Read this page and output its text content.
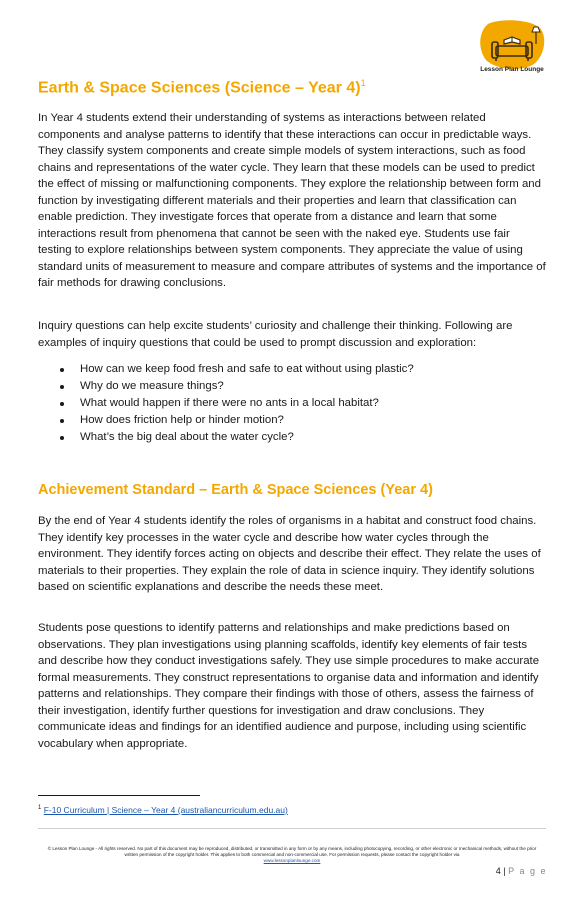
Lesson Plan Lounge
Earth & Space Sciences (Science – Year 4)$^1$

In Year 4 students extend their understanding of systems as interactions between related components and analyse patterns to identify that these interactions can occur in predictable ways. They classify system components and create simple models of system interactions, such as food chains and representations of the water cycle. They learn that these models can be used to predict the effect of missing or malfunctioning components. They explore the relationship between form and function by investigating different materials and their properties and learn that classification can enable prediction. They investigate forces that operate from a distance and learn that some interactions result from phenomena that cannot be seen with the naked eye. Students use fair testing to explore relationships between system components. They appreciate the value of using standard units of measurement to measure and compare attributes of systems and the importance of fair methods for drawing conclusions.

Inquiry questions can help excite students’ curiosity and challenge their thinking. Following are examples of inquiry questions that could be used to prompt discussion and exploration:

How can we keep food fresh and safe to eat without using plastic?
Why do we measure things?
What would happen if there were no ants in a local habitat?
How does friction help or hinder motion?
What’s the big deal about the water cycle?
Achievement Standard – Earth & Space Sciences (Year 4)

By the end of Year 4 students identify the roles of organisms in a habitat and construct food chains. They identify key processes in the water cycle and describe how water cycles through the environment. They identify forces acting on objects and describe their effect. They relate the uses of materials to their properties. They explain the role of data in science inquiry. They identify solutions based on scientific explanations and describe the needs these meet.

Students pose questions to identify patterns and relationships and make predictions based on observations. They plan investigations using planning scaffolds, identify key elements of fair tests and describe how they conduct investigations safely. They use simple procedures to make accurate formal measurements. They construct representations to organise data and information and identify patterns and relationships. They compare their findings with those of others, assess the fairness of their investigation, identify further questions for investigation and draw conclusions. They communicate ideas and findings for an identified audience and purpose, including using scientific vocabulary when appropriate.

$^1$ F-10 Curriculum | Science – Year 4 (australiancurriculum.edu.au)
© Lesson Plan Lounge - All rights reserved. No part of this document may be reproduced, distributed, or transmitted in any form or by any means, including photocopying, recording, or other electronic or mechanical methods, without the prior written permission of the copyright holder. This applies to both commercial and non-commercial use. For permission requests, please contact the copyright holder via
www.lessonplanlounge.com
4 | P a g e
